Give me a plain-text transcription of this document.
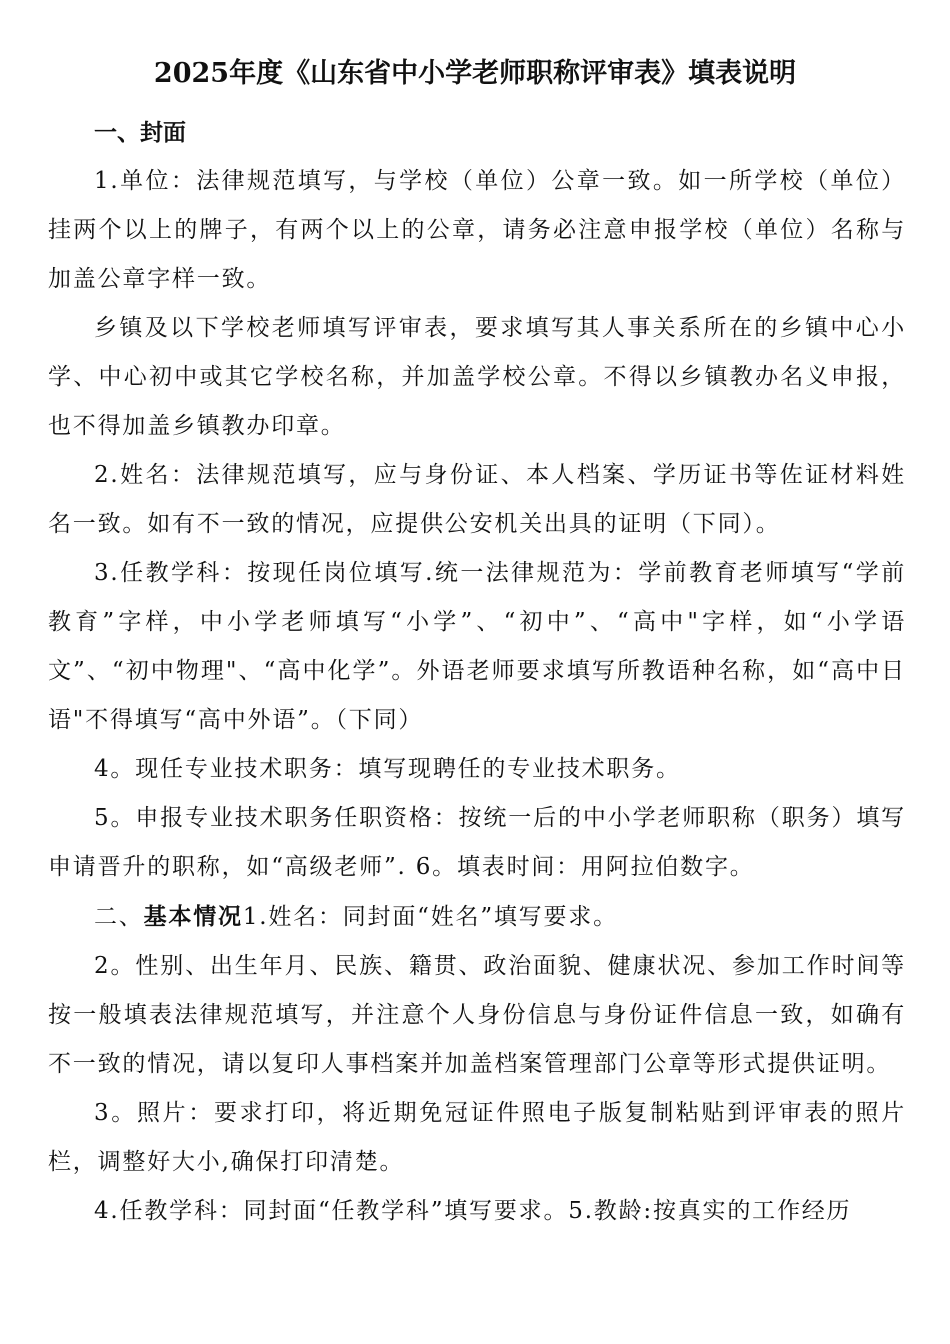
2025年度《山东省中小学老师职称评审表》填表说明

一、封面

1.单位：法律规范填写，与学校（单位）公章一致。如一所学校（单位）挂两个以上的牌子，有两个以上的公章，请务必注意申报学校（单位）名称与加盖公章字样一致。

乡镇及以下学校老师填写评审表，要求填写其人事关系所在的乡镇中心小学、中心初中或其它学校名称，并加盖学校公章。不得以乡镇教办名义申报，也不得加盖乡镇教办印章。

2.姓名：法律规范填写，应与身份证、本人档案、学历证书等佐证材料姓名一致。如有不一致的情况，应提供公安机关出具的证明（下同）。

3.任教学科：按现任岗位填写.统一法律规范为：学前教育老师填写“学前教育”字样，中小学老师填写“小学”、“初中”、“高中"字样，如“小学语文”、“初中物理"、“高中化学”。外语老师要求填写所教语种名称，如“高中日语"不得填写“高中外语”。（下同）

4。现任专业技术职务：填写现聘任的专业技术职务。

5。申报专业技术职务任职资格：按统一后的中小学老师职称（职务）填写申请晋升的职称，如“高级老师”. 6。填表时间：用阿拉伯数字。

二、基本情况1.姓名：同封面“姓名”填写要求。

2。性别、出生年月、民族、籍贯、政治面貌、健康状况、参加工作时间等按一般填表法律规范填写，并注意个人身份信息与身份证件信息一致，如确有不一致的情况，请以复印人事档案并加盖档案管理部门公章等形式提供证明。

3。照片：要求打印，将近期免冠证件照电子版复制粘贴到评审表的照片栏，调整好大小,确保打印清楚。

4.任教学科：同封面“任教学科”填写要求。5.教龄:按真实的工作经历
